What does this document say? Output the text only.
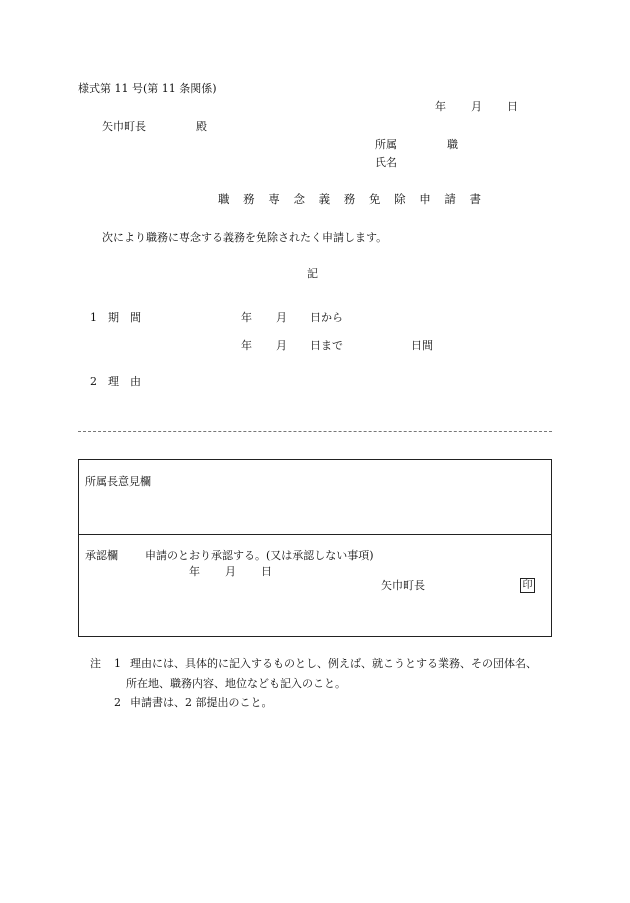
様式第 11 号(第 11 条関係)
年 月 日
矢巾町長	殿
所属	職
氏名
職 務 専 念 義 務 免 除 申 請 書
次により職務に専念する義務を免除されたく申請します。
記
1　期　間	年 月 日から
年 月 日まで	日間
2　理　由
所属長意見欄
承認欄 申請のとおり承認する。(又は承認しない事項)
年 月 日
矢巾町長	印
注 1 理由には、具体的に記入するものとし、例えば、就こうとする業務、その団体名、
所在地、職務内容、地位なども記入のこと。
2 申請書は、2 部提出のこと。
